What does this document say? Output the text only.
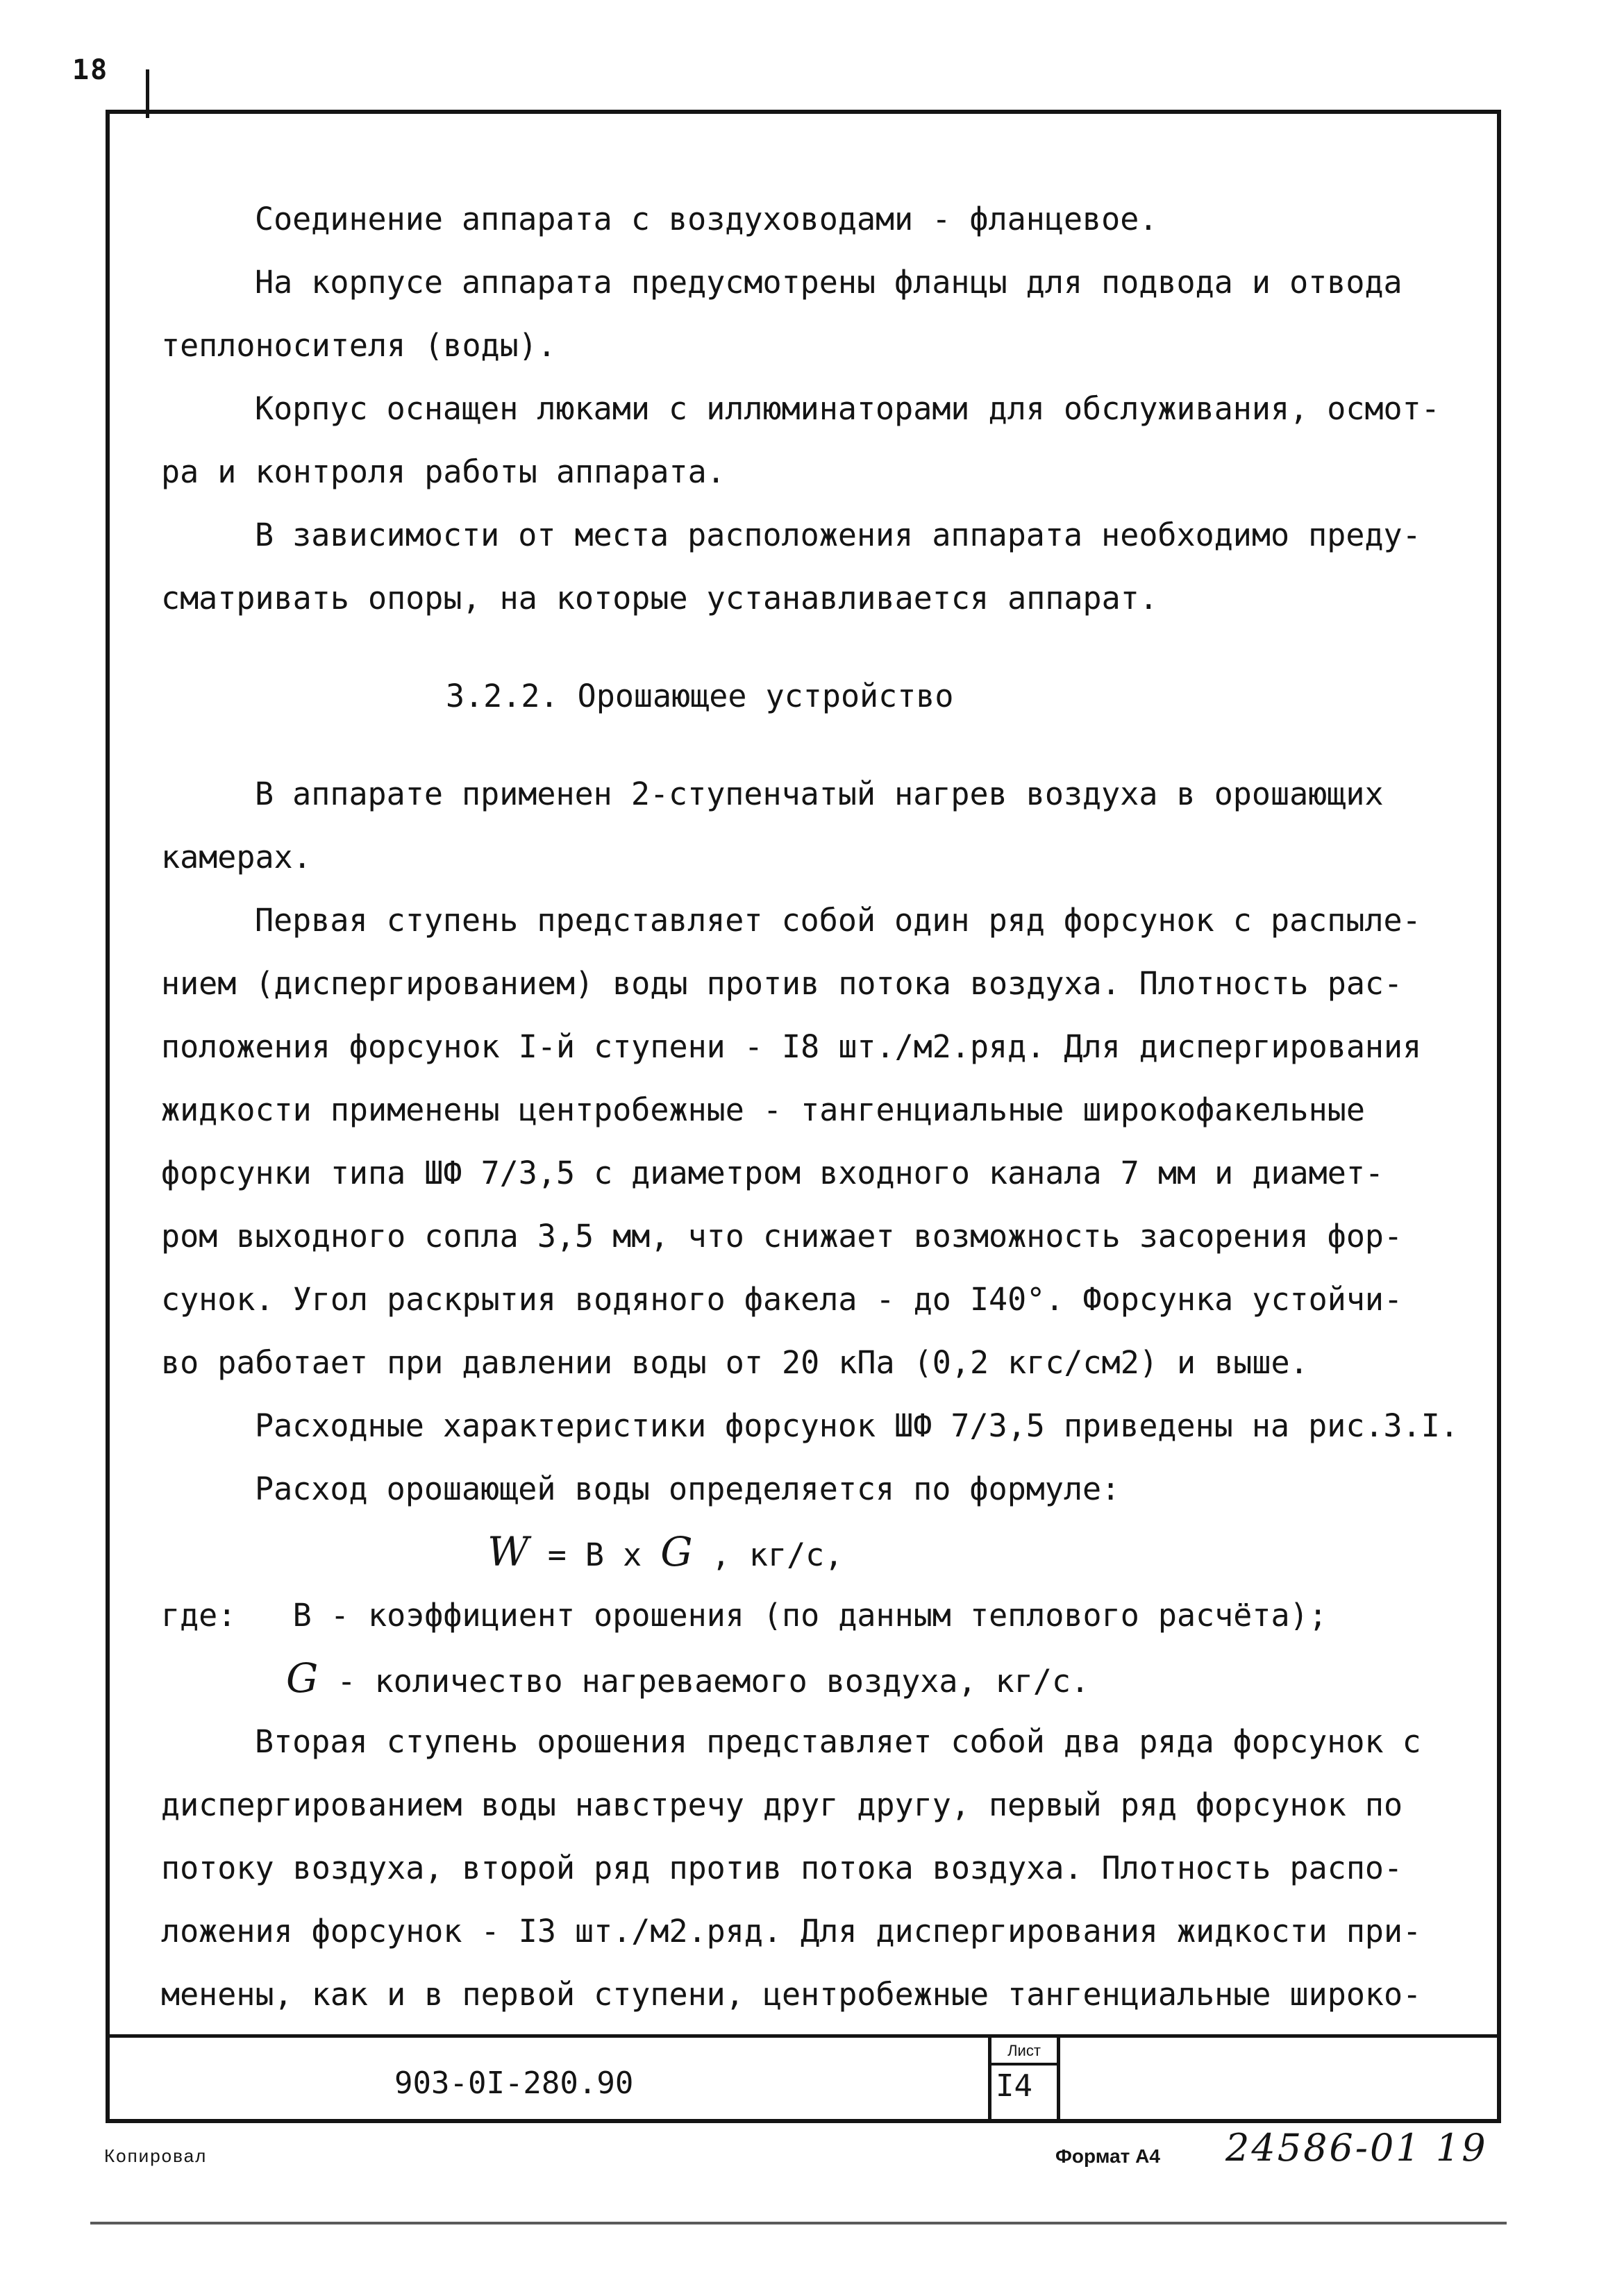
18
Соединение аппарата с воздуховодами - фланцевое.
На корпусе аппарата предусмотрены фланцы для подвода и отвода
теплоносителя (воды).
Корпус оснащен люками с иллюминаторами для обслуживания, осмот-
ра и контроля работы аппарата.
В зависимости от места расположения аппарата необходимо преду-
сматривать опоры, на которые устанавливается аппарат.
3.2.2. Орошающее устройство
В аппарате применен 2-ступенчатый нагрев воздуха в орошающих
камерах.
Первая ступень представляет собой один ряд форсунок с распыле-
нием (диспергированием) воды против потока воздуха. Плотность рас-
положения форсунок I-й ступени - I8 шт./м2.ряд. Для диспергирования
жидкости применены центробежные - тангенциальные широкофакельные
форсунки типа ШФ 7/3,5 с диаметром входного канала 7 мм и диамет-
ром выходного сопла 3,5 мм, что снижает возможность засорения фор-
сунок. Угол раскрытия водяного факела - до I40°. Форсунка устойчи-
во работает при давлении воды от 20 кПа (0,2 кгс/см2) и выше.
Расходные характеристики форсунок ШФ 7/3,5 приведены на рис.3.I.
Расход орошающей воды определяется по формуле:
W = В х G , кг/с,
где: В - коэффициент орошения (по данным теплового расчёта);
G - количество нагреваемого воздуха, кг/с.
Вторая ступень орошения представляет собой два ряда форсунок с
диспергированием воды навстречу друг другу, первый ряд форсунок по
потоку воздуха, второй ряд против потока воздуха. Плотность распо-
ложения форсунок - I3 шт./м2.ряд. Для диспергирования жидкости при-
менены, как и в первой ступени, центробежные тангенциальные широко-
903-0I-280.90
Лист
I4
Копировал	Формат А4 24586-01 19
